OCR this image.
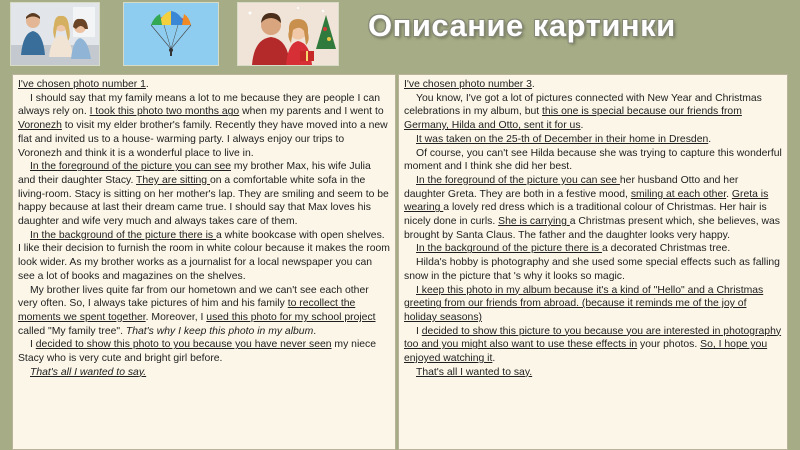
Описание картинки

I've chosen photo number 1.

I should say that my family means a lot to me because they are people I can always rely on. I took this photo two months ago when my parents and I went to Voronezh to visit my elder brother's family. Recently they have moved into a new flat and invited us to a house- warming party. I always enjoy our trips to Voronezh and think it is a wonderful place to live in.

In the foreground of the picture you can see my brother Max, his wife Julia and their daughter Stacy. They are sitting on a comfortable white sofa in the living-room. Stacy is sitting on her mother's lap. They are smiling and seem to be happy because at last their dream came true. I should say that Max loves his daughter and wife very much and always takes care of them.

In the background of the picture there is a white bookcase with open shelves. I like their decision to furnish the room in white colour because it makes the room look wider. As my brother works as a journalist for a local newspaper you can see a lot of books and magazines on the shelves.

My brother lives quite far from our hometown and we can't see each other very often. So, I always take pictures of him and his family to recollect the moments we spent together. Moreover, I used this photo for my school project called "My family tree". That's why I keep this photo in my album.

I decided to show this photo to you because you have never seen my niece Stacy who is very cute and bright girl before.

That's all I wanted to say.

I've chosen photo number 3.

You know, I've got a lot of pictures connected with New Year and Christmas celebrations in my album, but this one is special because our friends from Germany, Hilda and Otto, sent it for us.

It was taken on the 25-th of December in their home in Dresden.

Of course, you can't see Hilda because she was trying to capture this wonderful moment and I think she did her best.

In the foreground of the picture you can see her husband Otto and her daughter Greta. They are both in a festive mood, smiling at each other. Greta is wearing a lovely red dress which is a traditional colour of Christmas. Her hair is nicely done in curls. She is carrying a Christmas present which, she believes, was brought by Santa Claus. The father and the daughter looks very happy.

In the background of the picture there is a decorated Christmas tree.

Hilda's hobby is photography and she used some special effects such as falling snow in the picture that 's why it looks so magic.

I keep this photo in my album because it's a kind of "Hello" and a Christmas greeting from our friends from abroad. (because it reminds me of the joy of holiday seasons)

I decided to show this picture to you because you are interested in photography too and you might also want to use these effects in your photos. So, I hope you enjoyed watching it.

That's all I wanted to say.
